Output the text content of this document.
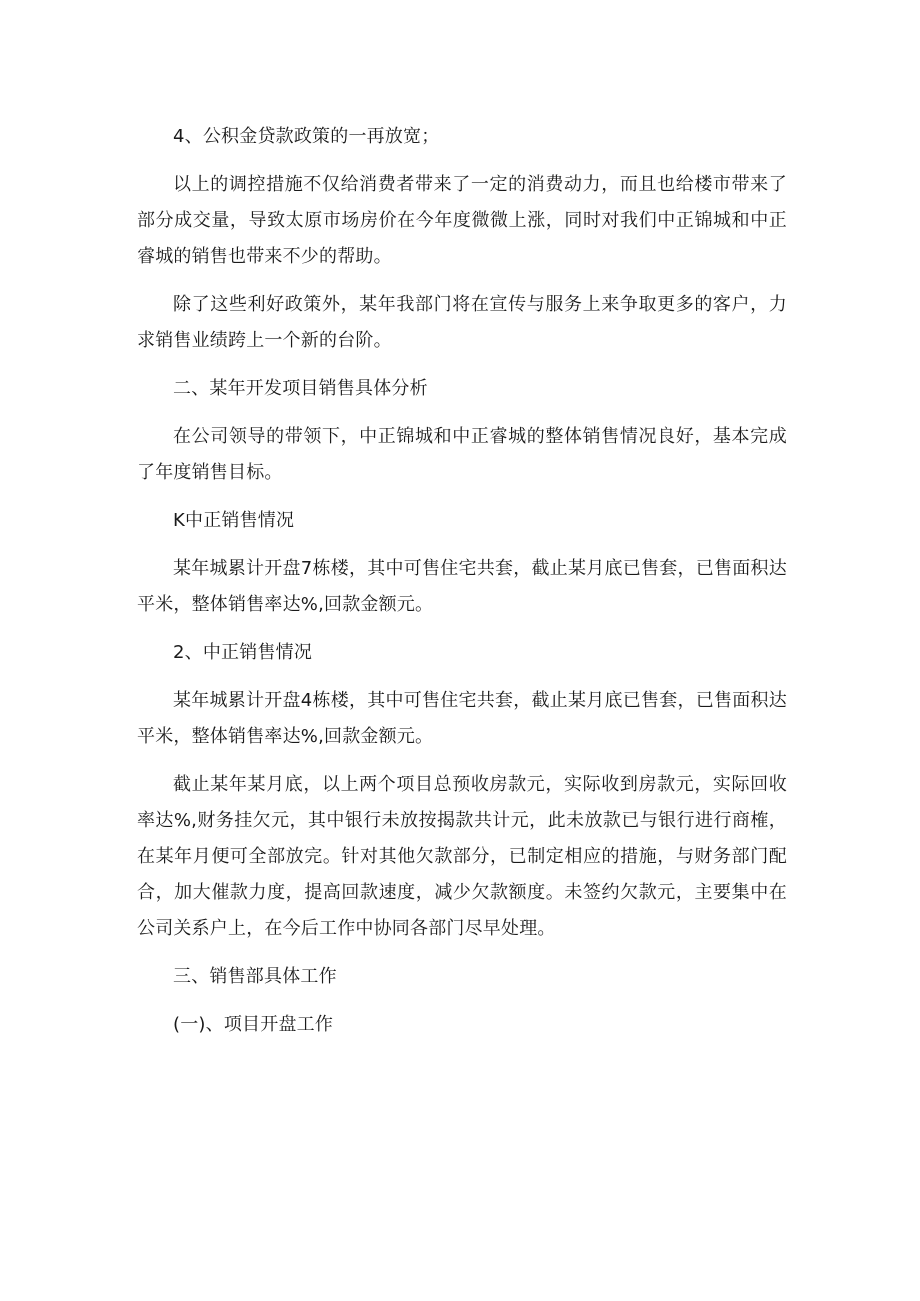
4、公积金贷款政策的一再放宽；

以上的调控措施不仅给消费者带来了一定的消费动力，而且也给楼市带来了部分成交量，导致太原市场房价在今年度微微上涨，同时对我们中正锦城和中正睿城的销售也带来不少的帮助。

除了这些利好政策外，某年我部门将在宣传与服务上来争取更多的客户，力求销售业绩跨上一个新的台阶。

二、某年开发项目销售具体分析

在公司领导的带领下，中正锦城和中正睿城的整体销售情况良好，基本完成了年度销售目标。

K中正销售情况

某年城累计开盘7栋楼，其中可售住宅共套，截止某月底已售套，已售面积达平米，整体销售率达%,回款金额元。

2、中正销售情况

某年城累计开盘4栋楼，其中可售住宅共套，截止某月底已售套，已售面积达平米，整体销售率达%,回款金额元。

截止某年某月底，以上两个项目总预收房款元，实际收到房款元，实际回收率达%,财务挂欠元，其中银行未放按揭款共计元，此未放款已与银行进行商榷，在某年月便可全部放完。针对其他欠款部分，已制定相应的措施，与财务部门配合，加大催款力度，提高回款速度，减少欠款额度。未签约欠款元，主要集中在公司关系户上，在今后工作中协同各部门尽早处理。

三、销售部具体工作

(一)、项目开盘工作
